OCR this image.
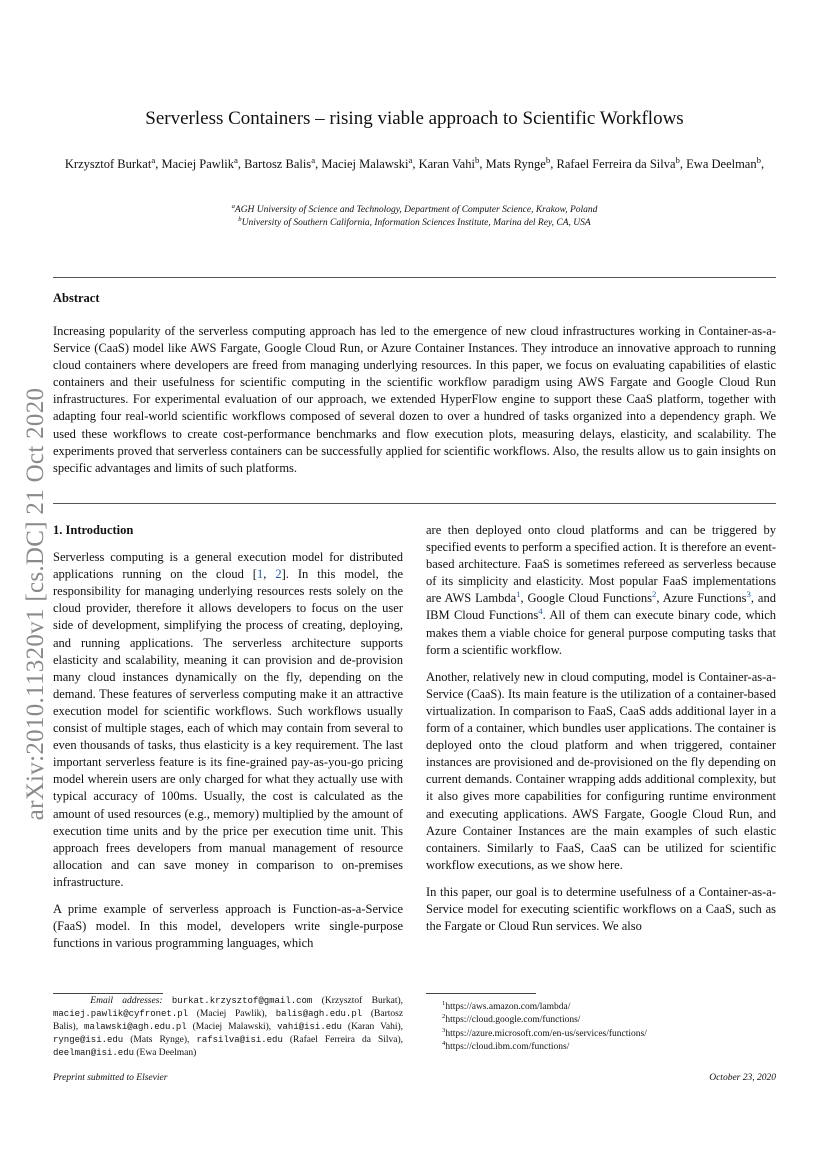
arXiv:2010.11320v1 [cs.DC] 21 Oct 2020
Serverless Containers – rising viable approach to Scientific Workflows
Krzysztof Burkat$^a$, Maciej Pawlik$^a$, Bartosz Balis$^a$, Maciej Malawski$^a$, Karan Vahi$^b$, Mats Rynge$^b$, Rafael Ferreira da Silva$^b$, Ewa Deelman$^b$,
$^a$AGH University of Science and Technology, Department of Computer Science, Krakow, Poland
$^b$University of Southern California, Information Sciences Institute, Marina del Rey, CA, USA
Abstract
Increasing popularity of the serverless computing approach has led to the emergence of new cloud infrastructures working in Container-as-a-Service (CaaS) model like AWS Fargate, Google Cloud Run, or Azure Container Instances. They introduce an innovative approach to running cloud containers where developers are freed from managing underlying resources. In this paper, we focus on evaluating capabilities of elastic containers and their usefulness for scientific computing in the scientific workflow paradigm using AWS Fargate and Google Cloud Run infrastructures. For experimental evaluation of our approach, we extended HyperFlow engine to support these CaaS platform, together with adapting four real-world scientific workflows composed of several dozen to over a hundred of tasks organized into a dependency graph. We used these workflows to create cost-performance benchmarks and flow execution plots, measuring delays, elasticity, and scalability. The experiments proved that serverless containers can be successfully applied for scientific workflows. Also, the results allow us to gain insights on specific advantages and limits of such platforms.
1. Introduction

Serverless computing is a general execution model for distributed applications running on the cloud [1, 2]. In this model, the responsibility for managing underlying resources rests solely on the cloud provider, therefore it allows developers to focus on the user side of development, simplifying the process of creating, deploying, and running applications. The serverless architecture supports elasticity and scalability, meaning it can provision and de-provision many cloud instances dynamically on the fly, depending on the demand. These features of serverless computing make it an attractive execution model for scientific workflows. Such workflows usually consist of multiple stages, each of which may contain from several to even thousands of tasks, thus elasticity is a key requirement. The last important serverless feature is its fine-grained pay-as-you-go pricing model wherein users are only charged for what they actually use with typical accuracy of 100ms. Usually, the cost is calculated as the amount of used resources (e.g., memory) multiplied by the amount of execution time units and by the price per execution time unit. This approach frees developers from manual management of resource allocation and can save money in comparison to on-premises infrastructure.

A prime example of serverless approach is Function-as-a-Service (FaaS) model. In this model, developers write single-purpose functions in various programming languages, which

are then deployed onto cloud platforms and can be triggered by specified events to perform a specified action. It is therefore an event-based architecture. FaaS is sometimes refereed as serverless because of its simplicity and elasticity. Most popular FaaS implementations are AWS Lambda$^1$, Google Cloud Functions$^2$, Azure Functions$^3$, and IBM Cloud Functions$^4$. All of them can execute binary code, which makes them a viable choice for general purpose computing tasks that form a scientific workflow.

Another, relatively new in cloud computing, model is Container-as-a-Service (CaaS). Its main feature is the utilization of a container-based virtualization. In comparison to FaaS, CaaS adds additional layer in a form of a container, which bundles user applications. The container is deployed onto the cloud platform and when triggered, container instances are provisioned and de-provisioned on the fly depending on current demands. Container wrapping adds additional complexity, but it also gives more capabilities for configuring runtime environment and executing applications. AWS Fargate, Google Cloud Run, and Azure Container Instances are the main examples of such elastic containers. Similarly to FaaS, CaaS can be utilized for scientific workflow executions, as we show here.

In this paper, our goal is to determine usefulness of a Container-as-a-Service model for executing scientific workflows on a CaaS, such as the Fargate or Cloud Run services. We also

Email addresses: burkat.krzysztof@gmail.com (Krzysztof Burkat), maciej.pawlik@cyfronet.pl (Maciej Pawlik), balis@agh.edu.pl (Bartosz Balis), malawski@agh.edu.pl (Maciej Malawski), vahi@isi.edu (Karan Vahi), rynge@isi.edu (Mats Rynge), rafsilva@isi.edu (Rafael Ferreira da Silva), deelman@isi.edu (Ewa Deelman)
$^1$https://aws.amazon.com/lambda/
$^2$https://cloud.google.com/functions/
$^3$https://azure.microsoft.com/en-us/services/functions/
$^4$https://cloud.ibm.com/functions/
Preprint submitted to Elsevier	October 23, 2020
